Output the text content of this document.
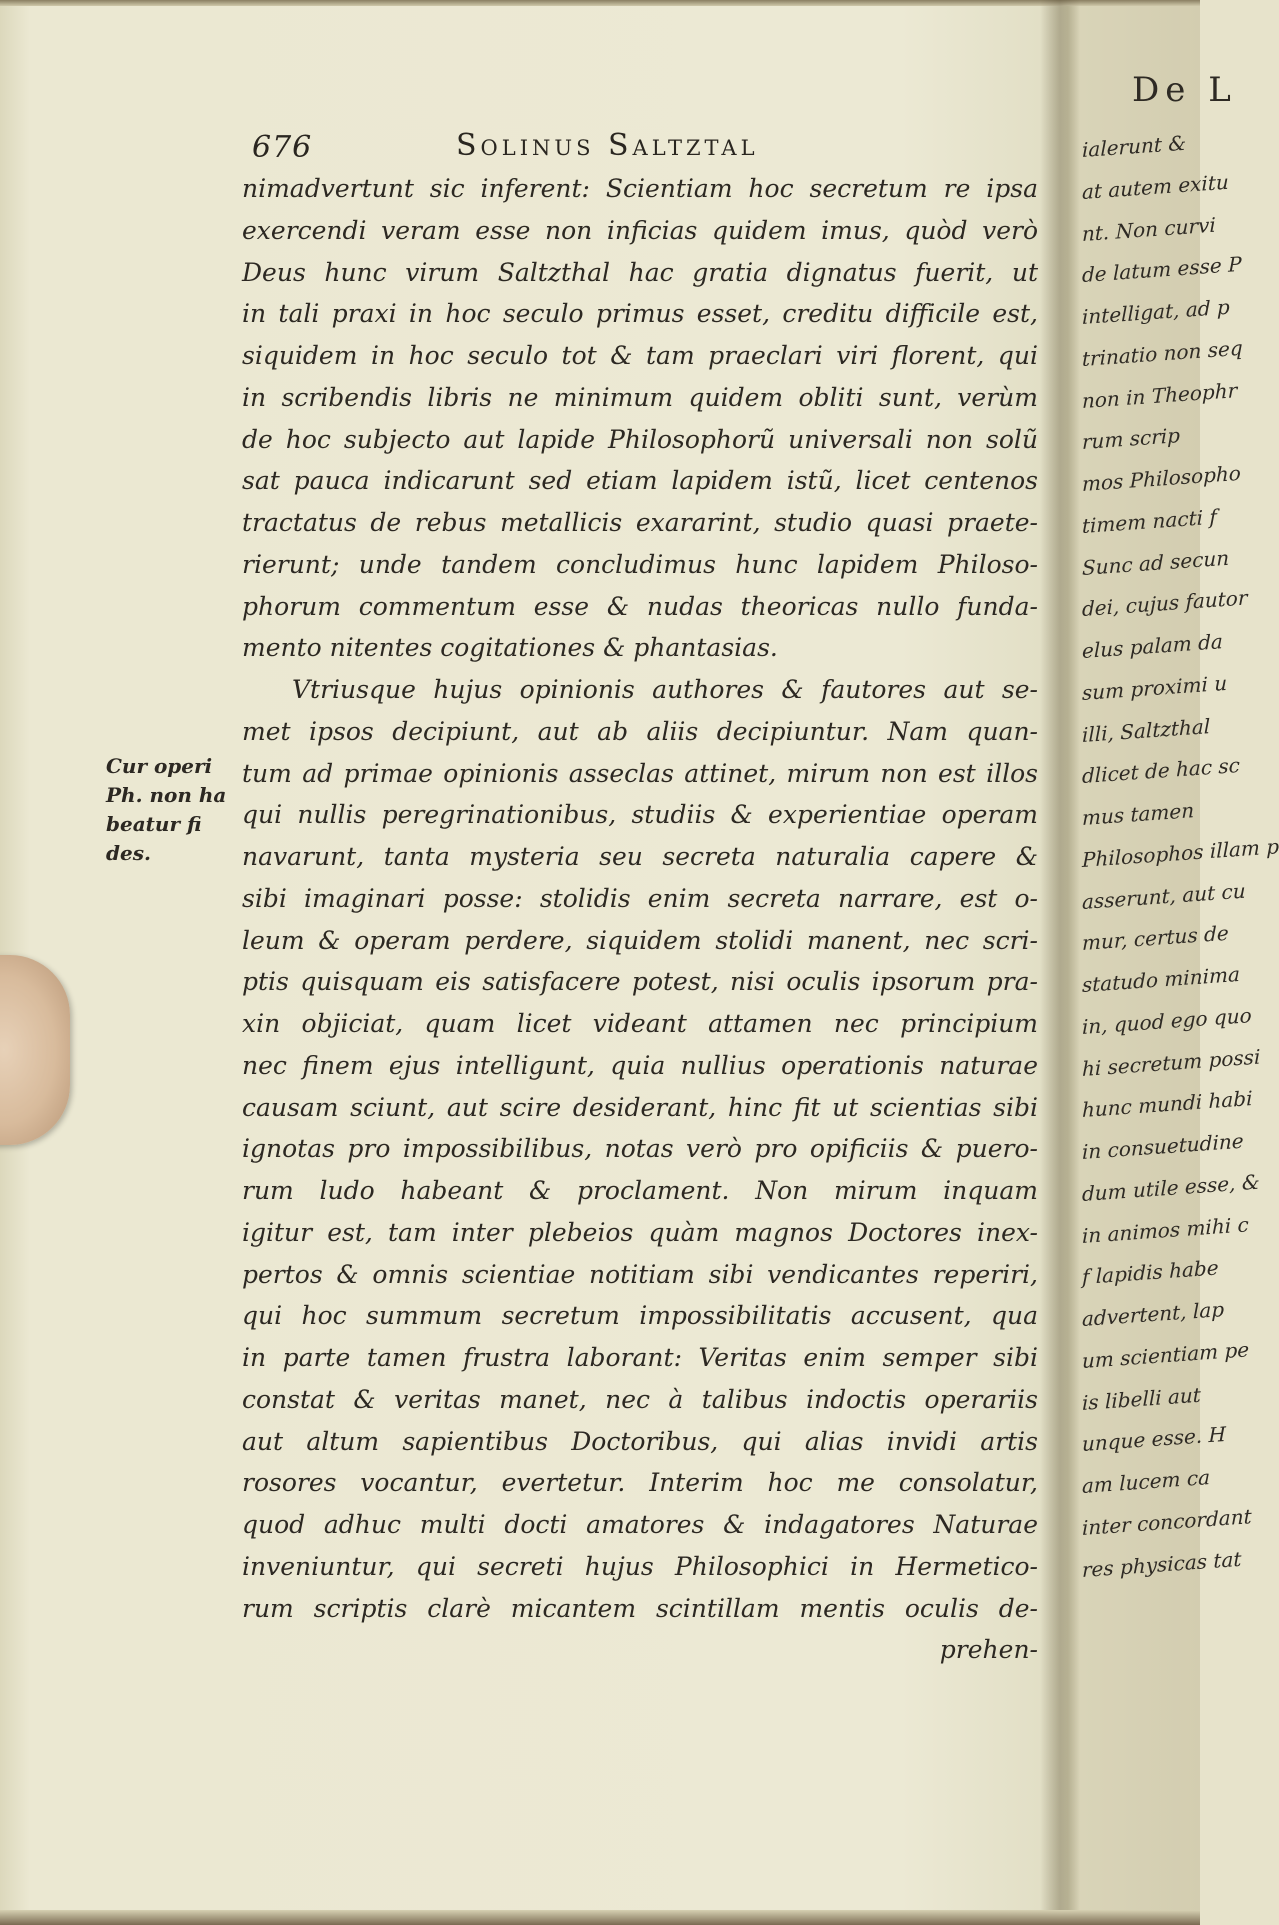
676	Solinus Saltztal
nimadvertunt sic inferent: Scientiam hoc secretum re ipsa
exercendi veram esse non inficias quidem imus, quòd verò
Deus hunc virum Saltzthal hac gratia dignatus fuerit, ut
in tali praxi in hoc seculo primus esset, creditu difficile est,
siquidem in hoc seculo tot & tam praeclari viri florent, qui
in scribendis libris ne minimum quidem obliti sunt, verùm
de hoc subjecto aut lapide Philosophorũ universali non solũ
sat pauca indicarunt sed etiam lapidem istũ, licet centenos
tractatus de rebus metallicis exararint, studio quasi praete-
rierunt; unde tandem concludimus hunc lapidem Philoso-
phorum commentum esse & nudas theoricas nullo funda-
mento nitentes cogitationes & phantasias.
Vtriusque hujus opinionis authores & fautores aut se-
met ipsos decipiunt, aut ab aliis decipiuntur. Nam quan-
tum ad primae opinionis asseclas attinet, mirum non est illos
qui nullis peregrinationibus, studiis & experientiae operam
navarunt, tanta mysteria seu secreta naturalia capere &
sibi imaginari posse: stolidis enim secreta narrare, est o-
leum & operam perdere, siquidem stolidi manent, nec scri-
ptis quisquam eis satisfacere potest, nisi oculis ipsorum pra-
xin objiciat, quam licet videant attamen nec principium
nec finem ejus intelligunt, quia nullius operationis naturae
causam sciunt, aut scire desiderant, hinc fit ut scientias sibi
ignotas pro impossibilibus, notas verò pro opificiis & puero-
rum ludo habeant & proclament. Non mirum inquam
igitur est, tam inter plebeios quàm magnos Doctores inex-
pertos & omnis scientiae notitiam sibi vendicantes reperiri,
qui hoc summum secretum impossibilitatis accusent, qua
in parte tamen frustra laborant: Veritas enim semper sibi
constat & veritas manet, nec à talibus indoctis operariis
aut altum sapientibus Doctoribus, qui alias invidi artis
rosores vocantur, evertetur. Interim hoc me consolatur,
quod adhuc multi docti amatores & indagatores Naturae
inveniuntur, qui secreti hujus Philosophici in Hermetico-
rum scriptis clarè micantem scintillam mentis oculis de-
prehen-
Cur operi
Ph. non ha
beatur fi
des.
De L
ialerunt &
at autem exitu
nt. Non curvi
de latum esse P
intelligat, ad p
trinatio non seq
non in Theophr
rum scrip
mos Philosopho
timem nacti f
Sunc ad secun
dei, cujus fautor
elus palam da
sum proximi u
illi, Saltzthal
dlicet de hac sc
mus tamen
Philosophos illam p
asserunt, aut cu
mur, certus de
statudo minima
in, quod ego quo
hi secretum possi
hunc mundi habi
in consuetudine
dum utile esse, &
in animos mihi c
f lapidis habe
advertent, lap
um scientiam pe
is libelli aut
unque esse. H
am lucem ca
inter concordant
res physicas tat
